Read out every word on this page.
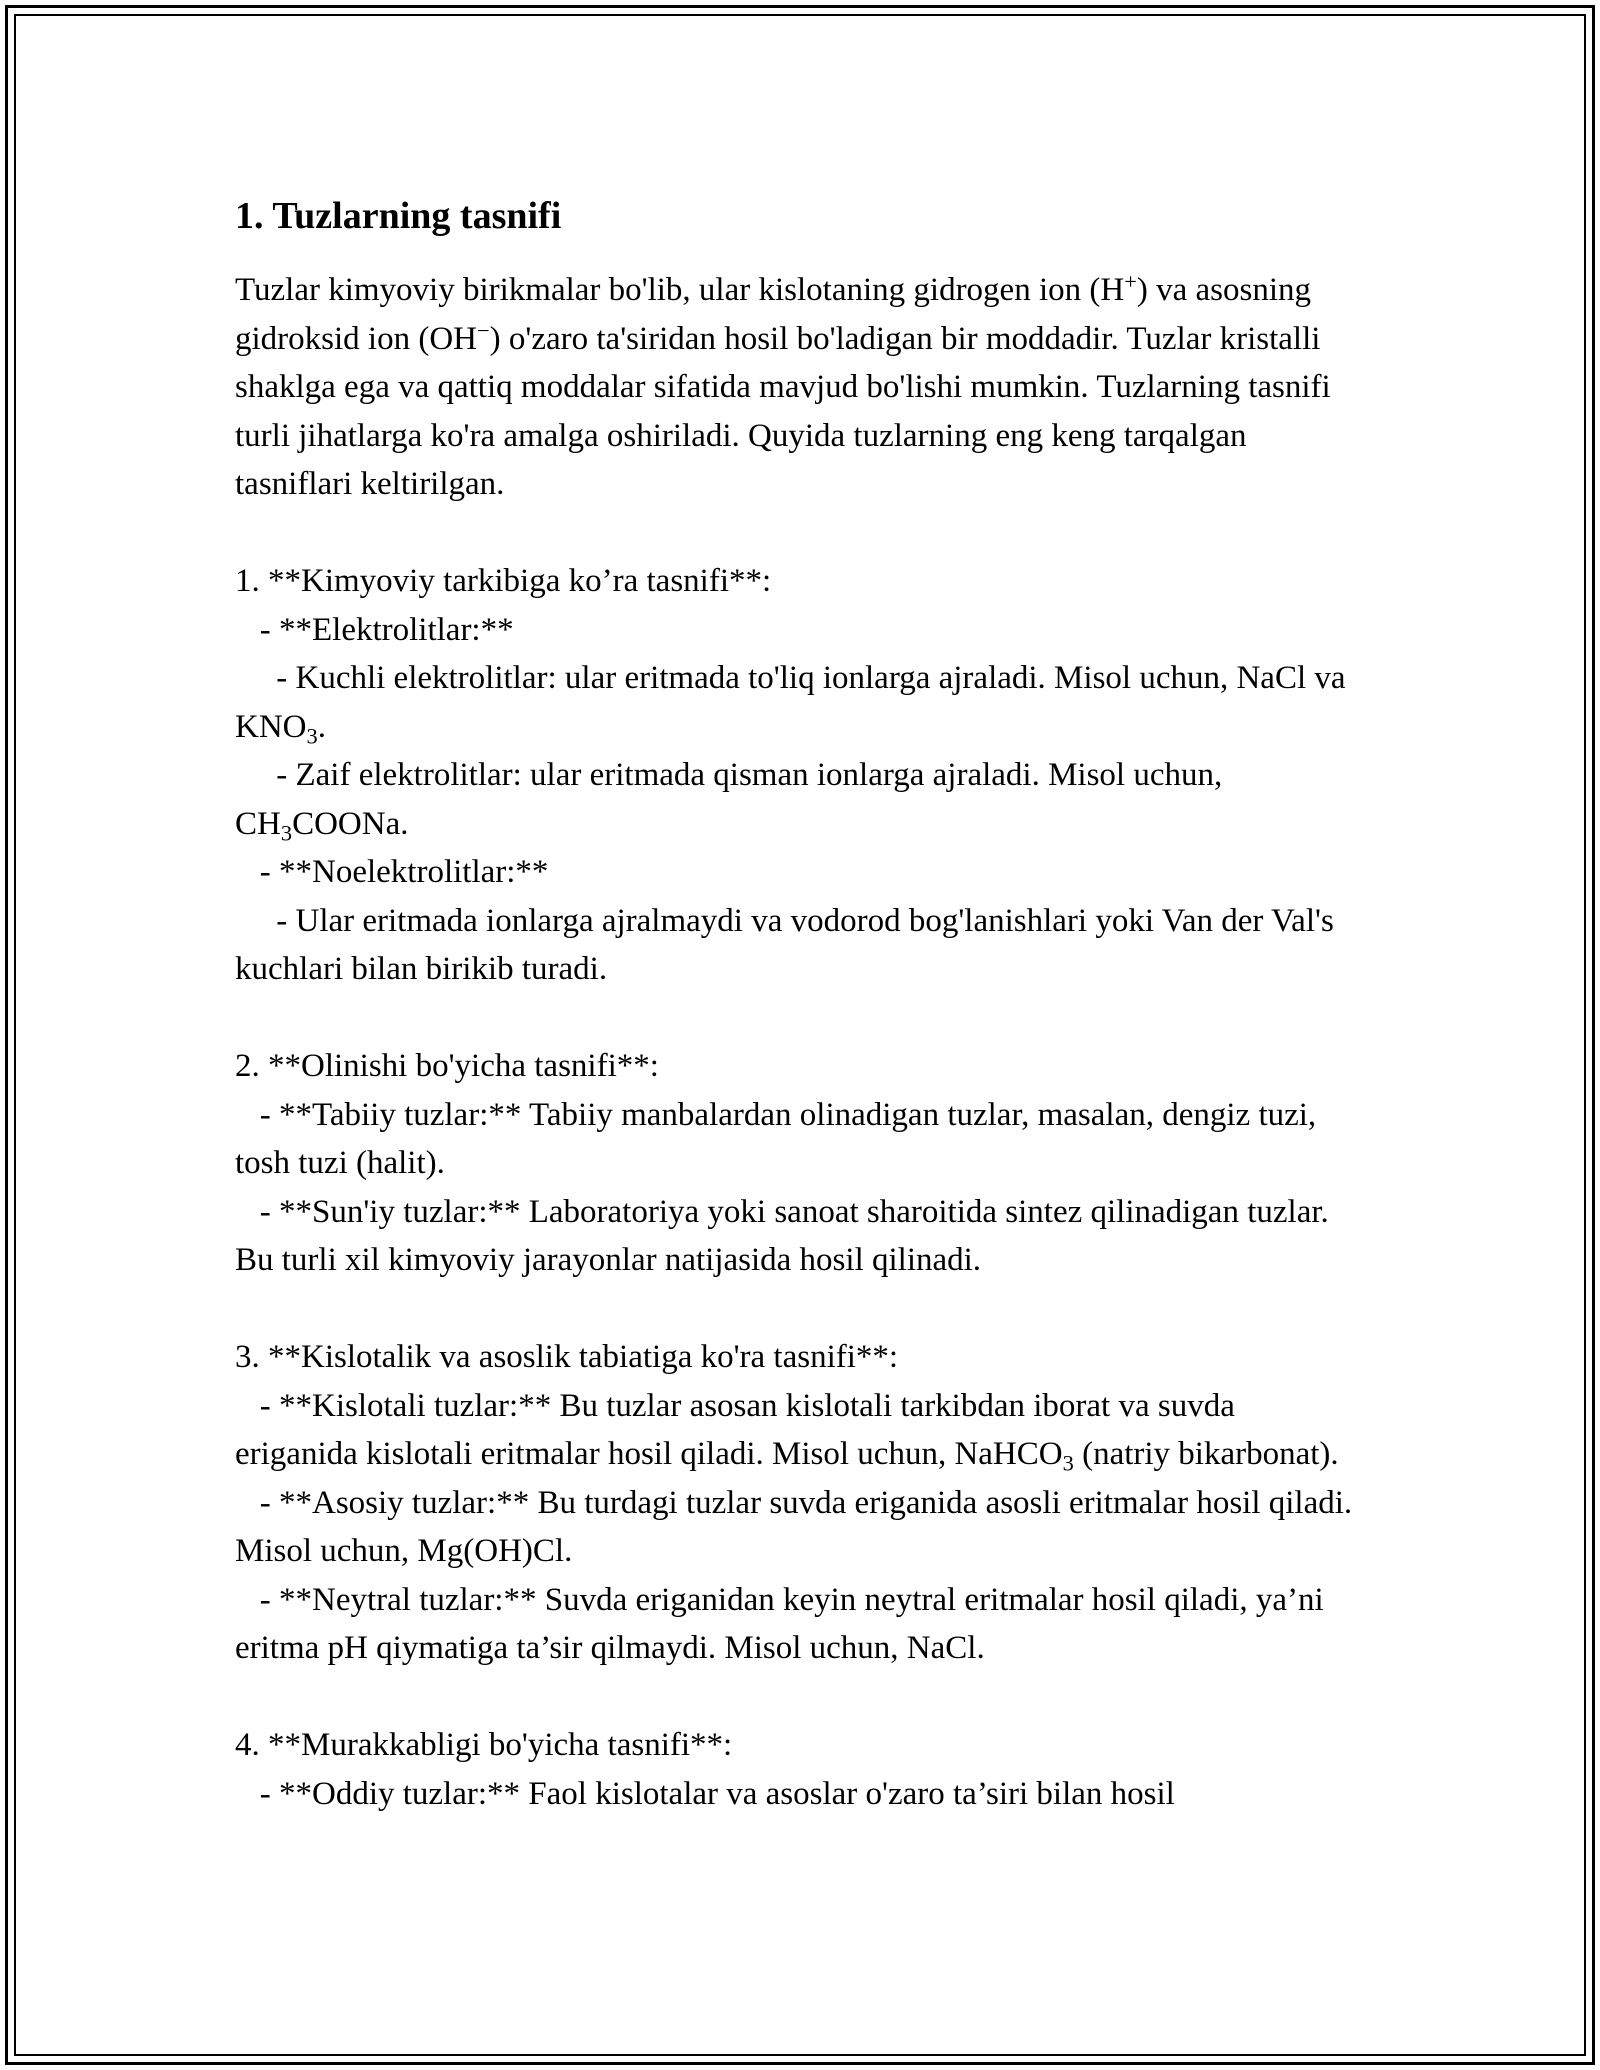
1. Tuzlarning tasnifi

Tuzlar kimyoviy birikmalar bo'lib, ular kislotaning gidrogen ion (H+) va asosning gidroksid ion (OH−) o'zaro ta'siridan hosil bo'ladigan bir moddadir. Tuzlar kristalli shaklga ega va qattiq moddalar sifatida mavjud bo'lishi mumkin. Tuzlarning tasnifi turli jihatlarga ko'ra amalga oshiriladi. Quyida tuzlarning eng keng tarqalgan tasniflari keltirilgan.

1. **Kimyoviy tarkibiga ko’ra tasnifi**:
- **Elektrolitlar:**
- Kuchli elektrolitlar: ular eritmada to'liq ionlarga ajraladi. Misol uchun, NaCl va $KNO_3$.
- Zaif elektrolitlar: ular eritmada qisman ionlarga ajraladi. Misol uchun, $CH_3COONa$.
- **Noelektrolitlar:**
- Ular eritmada ionlarga ajralmaydi va vodorod bog'lanishlari yoki Van der Val's kuchlari bilan birikib turadi.
2. **Olinishi bo'yicha tasnifi**:
- **Tabiiy tuzlar:** Tabiiy manbalardan olinadigan tuzlar, masalan, dengiz tuzi, tosh tuzi (halit).
- **Sun'iy tuzlar:** Laboratoriya yoki sanoat sharoitida sintez qilinadigan tuzlar. Bu turli xil kimyoviy jarayonlar natijasida hosil qilinadi.
3. **Kislotalik va asoslik tabiatiga ko'ra tasnifi**:
- **Kislotali tuzlar:** Bu tuzlar asosan kislotali tarkibdan iborat va suvda eriganida kislotali eritmalar hosil qiladi. Misol uchun, NaHCO$_3$ (natriy bikarbonat).
- **Asosiy tuzlar:** Bu turdagi tuzlar suvda eriganida asosli eritmalar hosil qiladi. Misol uchun, Mg(OH)Cl.
- **Neytral tuzlar:** Suvda eriganidan keyin neytral eritmalar hosil qiladi, ya’ni eritma pH qiymatiga ta’sir qilmaydi. Misol uchun, NaCl.
4. **Murakkabligi bo'yicha tasnifi**:
- **Oddiy tuzlar:** Faol kislotalar va asoslar o'zaro ta’siri bilan hosil
